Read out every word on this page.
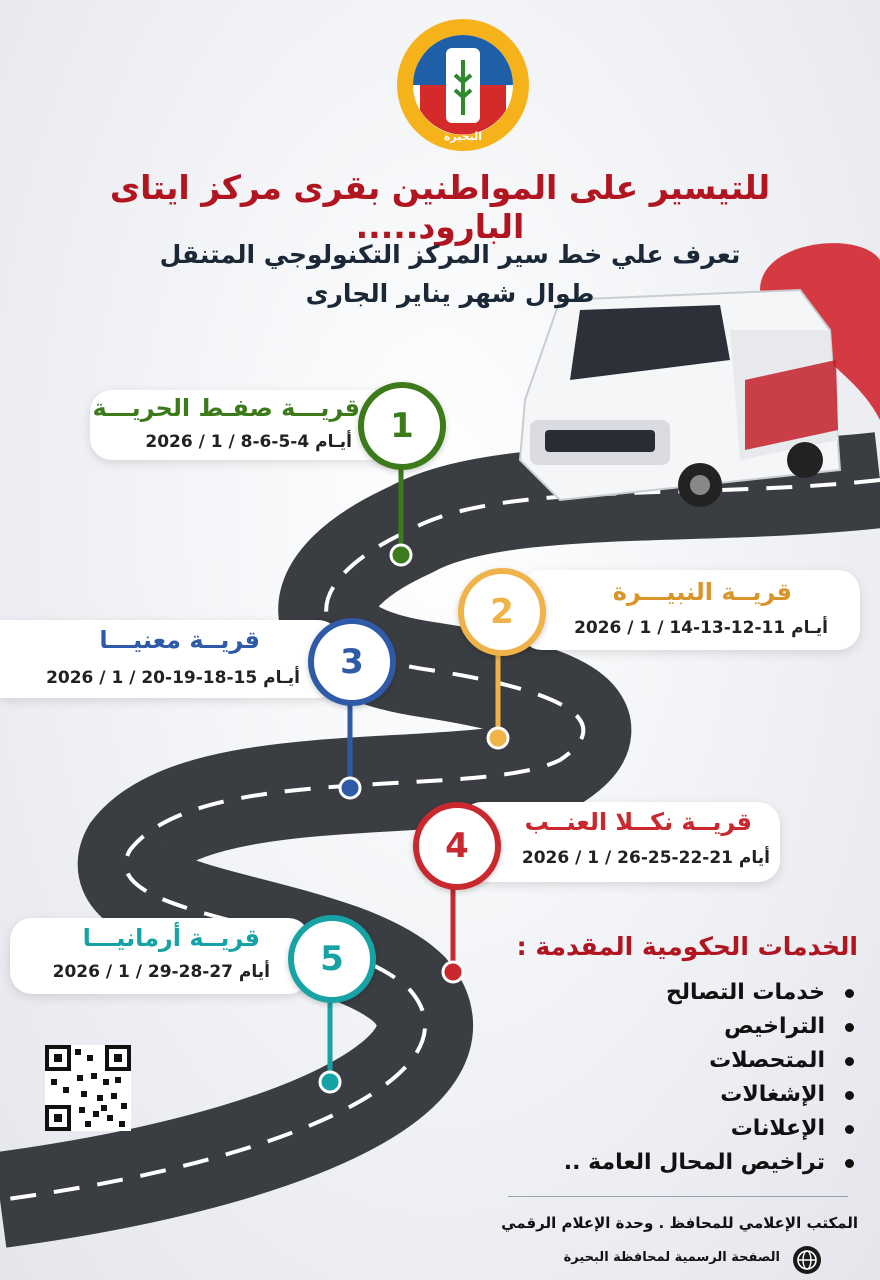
البحيرة
للتيسير على المواطنين بقرى مركز ايتاى البارود.....
تعرف علي خط سير المركز التكنولوجي المتنقل
طوال شهر يناير الجارى
قريـــة صفـط الحريـــة
أيـام 4-5-6-8 / 1 / 2026
قريــة النبيـــرة
أيـام 11-12-13-14 / 1 / 2026
قريــة معنيـــا
أيـام 15-18-19-20 / 1 / 2026
قريــة نكــلا العنــب
أيام 21-22-25-26 / 1 / 2026
قريــة أرمانيـــا
أيام 27-28-29 / 1 / 2026
1
2
3
4
5	الخدمات الحكومية المقدمة :
خدمات التصالح
التراخيص
المتحصلات
الإشغالات
الإعلانات
تراخيص المحال العامة ..
المكتب الإعلامي للمحافظ . وحدة الإعلام الرقمي
الصفحة الرسمية لمحافظة البحيرة
